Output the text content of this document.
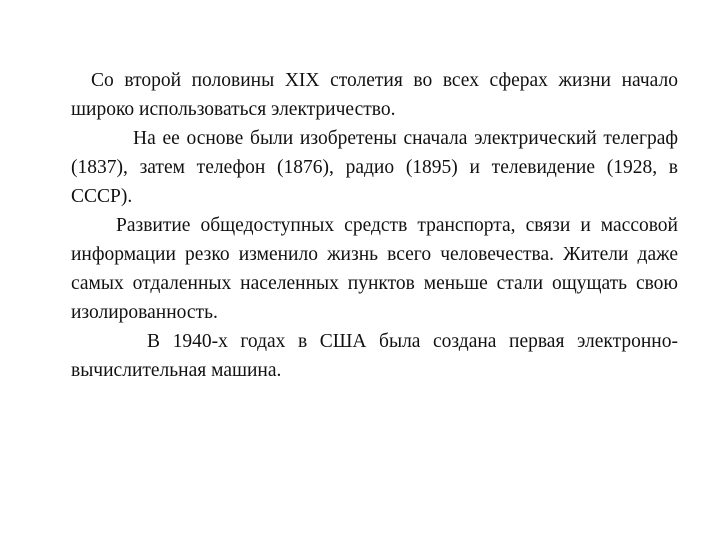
Со второй половины XIX столетия во всех сферах жизни начало широко использоваться электричество.

На ее основе были изобретены сначала электрический телеграф (1837), затем телефон (1876), радио (1895) и телевидение (1928, в СССР).

Развитие общедоступных средств транспорта, связи и массовой информации резко изменило жизнь всего человечества. Жители даже самых отдаленных населенных пунктов меньше стали ощущать свою изолированность.

В 1940-х годах в США была создана первая электронно-вычислительная машина.
